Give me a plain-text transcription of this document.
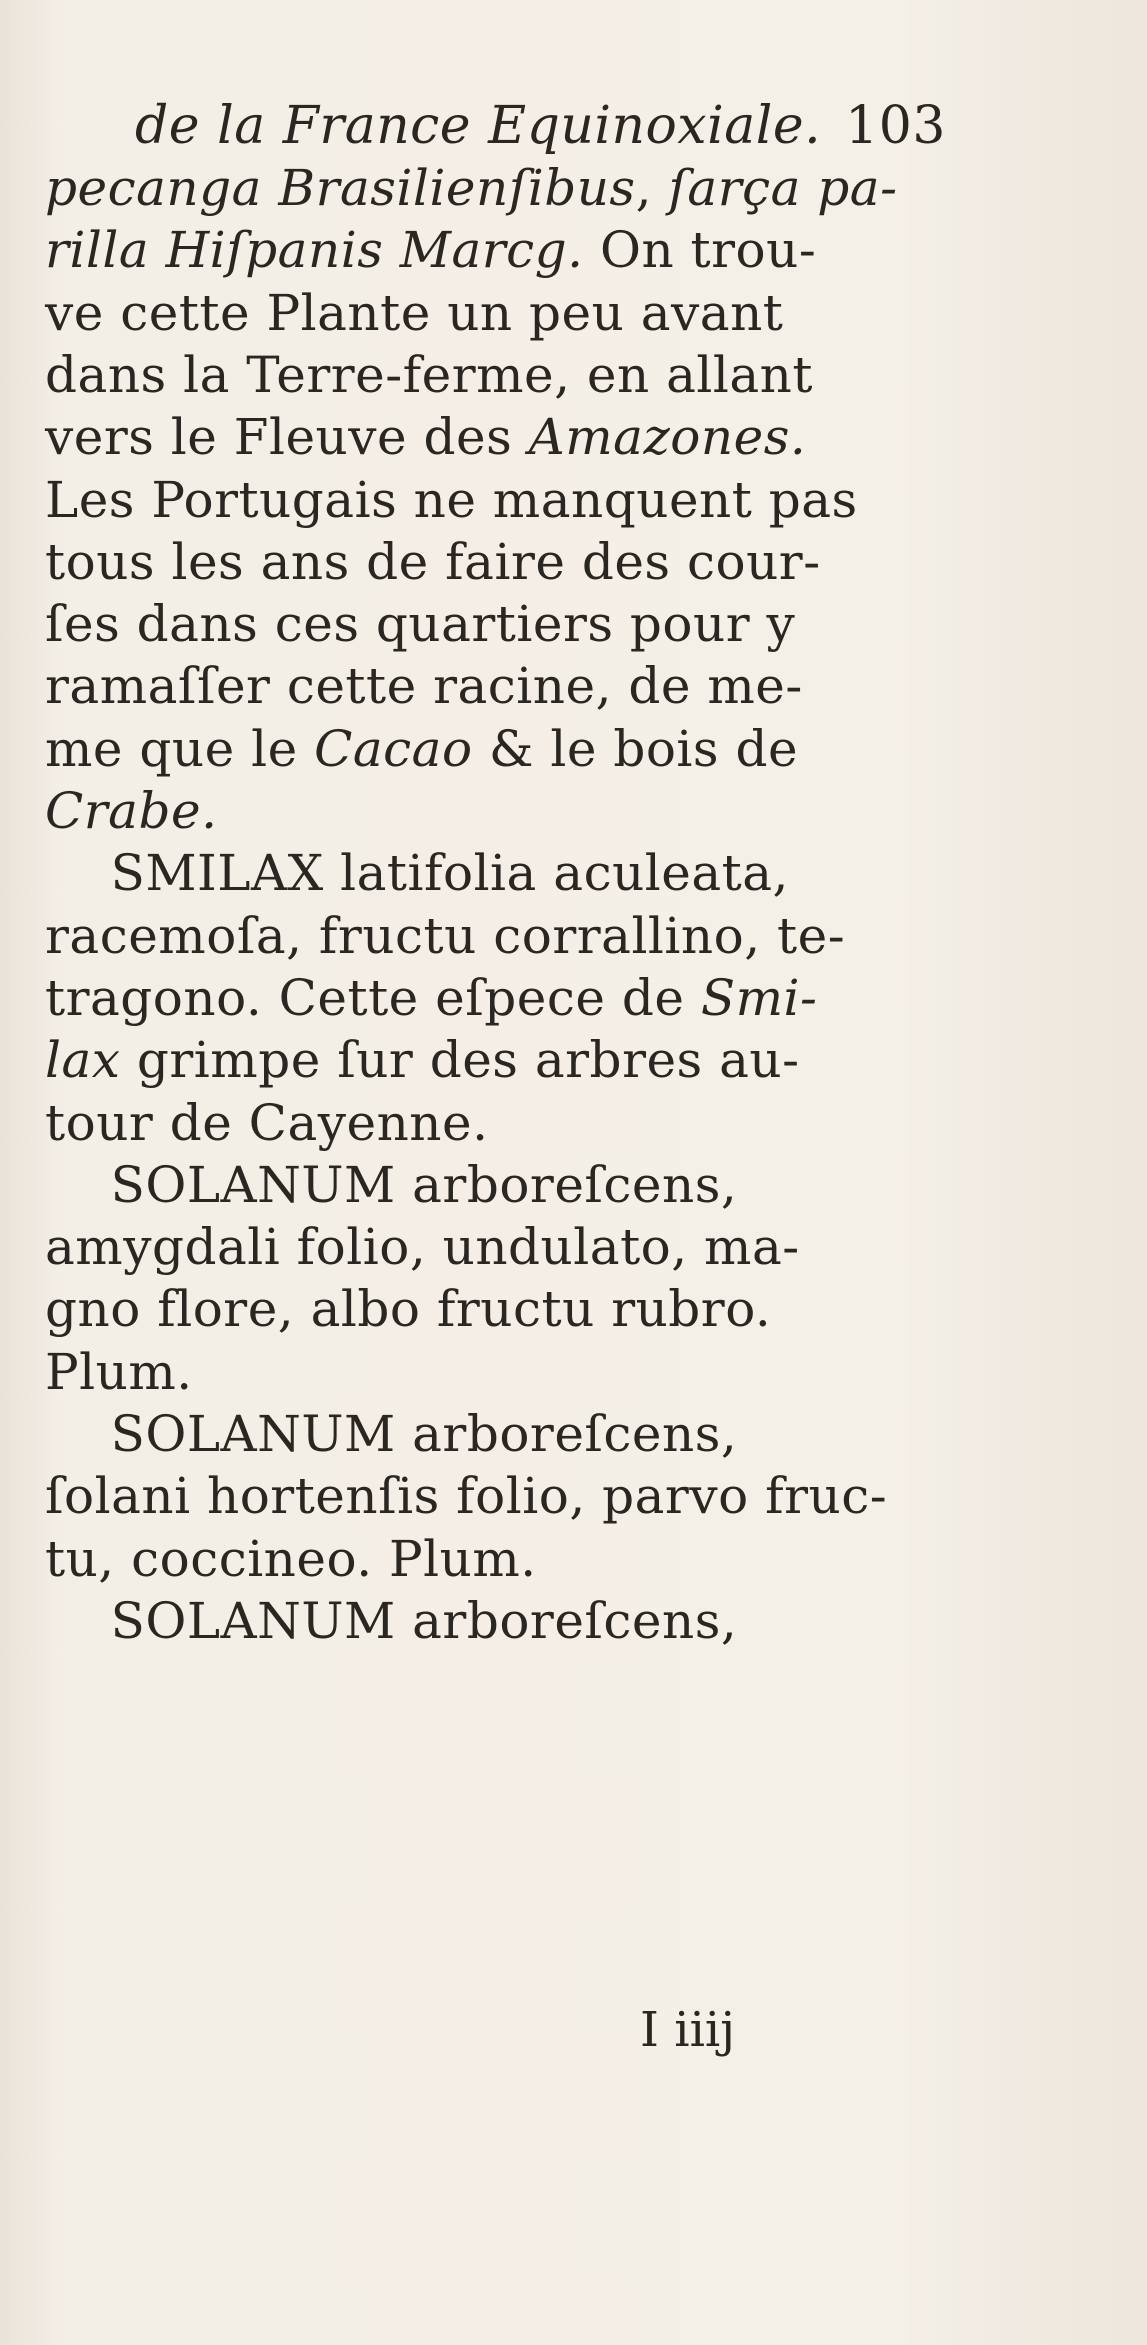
de la France Equinoxiale. 103
pecanga Brasilienſibus, ſarça pa-
rilla Hiſpanis Marcg. On trou-
ve cette Plante un peu avant
dans la Terre-ferme, en allant
vers le Fleuve des Amazones.
Les Portugais ne manquent pas
tous les ans de faire des cour-
ſes dans ces quartiers pour y
ramaſſer cette racine, de me-
me que le Cacao & le bois de
Crabe.
SMILAX latifolia aculeata,
racemoſa, fructu corrallino, te-
tragono. Cette eſpece de Smi-
lax grimpe ſur des arbres au-
tour de Cayenne.
SOLANUM arboreſcens,
amygdali folio, undulato, ma-
gno flore, albo fructu rubro.
Plum.
SOLANUM arboreſcens,
ſolani hortenſis folio, parvo fruc-
tu, coccineo. Plum.
SOLANUM arboreſcens,
I iiij
